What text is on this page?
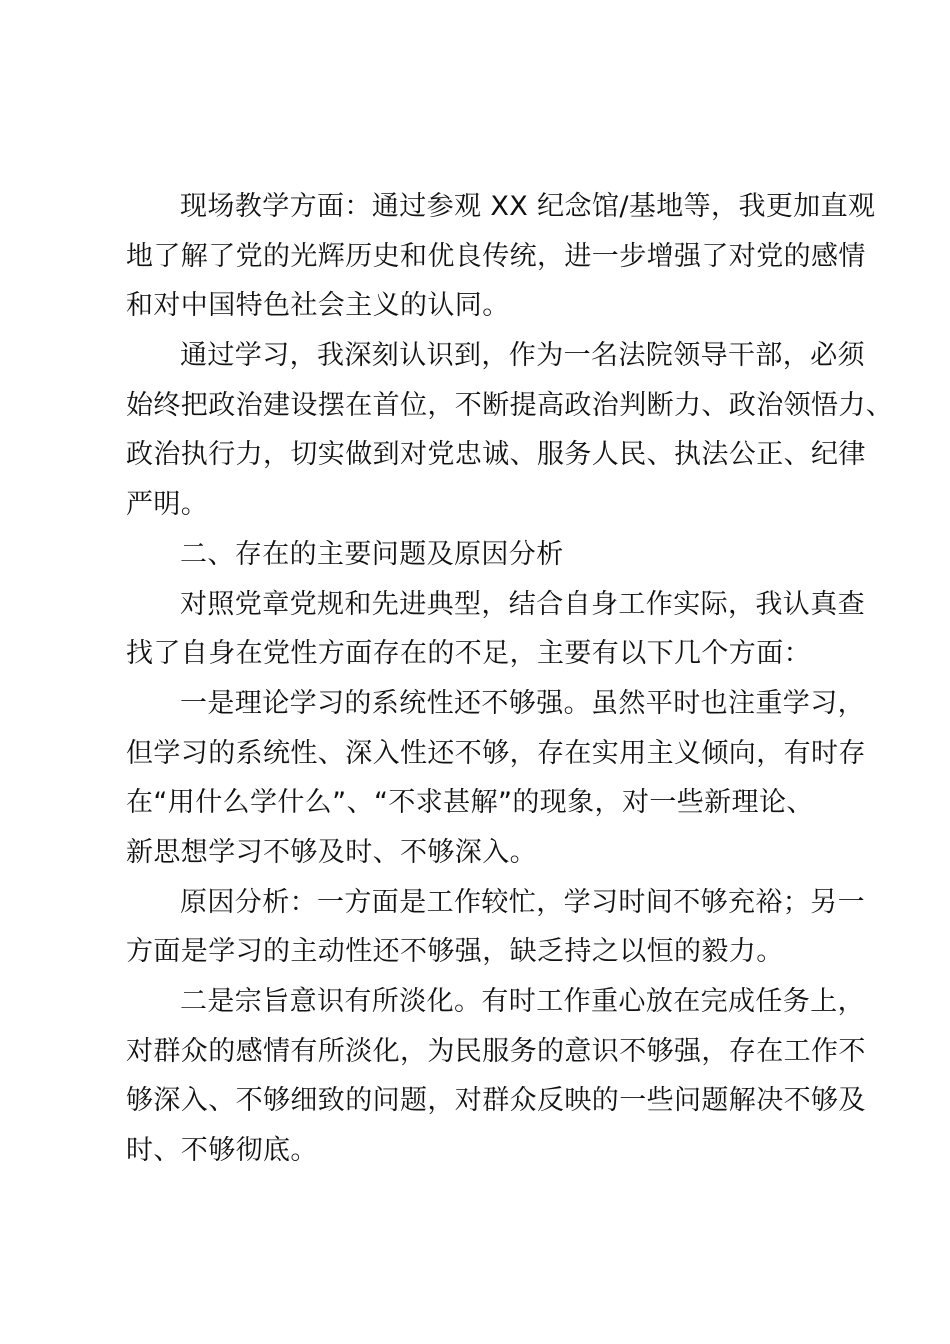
现场教学方面：通过参观 XX 纪念馆/基地等，我更加直观
地了解了党的光辉历史和优良传统，进一步增强了对党的感情
和对中国特色社会主义的认同。
通过学习，我深刻认识到，作为一名法院领导干部，必须
始终把政治建设摆在首位，不断提高政治判断力、政治领悟力、
政治执行力，切实做到对党忠诚、服务人民、执法公正、纪律
严明。
二、存在的主要问题及原因分析
对照党章党规和先进典型，结合自身工作实际，我认真查
找了自身在党性方面存在的不足，主要有以下几个方面：
一是理论学习的系统性还不够强。虽然平时也注重学习，
但学习的系统性、深入性还不够，存在实用主义倾向，有时存
在“用什么学什么”、“不求甚解”的现象，对一些新理论、
新思想学习不够及时、不够深入。
原因分析：一方面是工作较忙，学习时间不够充裕；另一
方面是学习的主动性还不够强，缺乏持之以恒的毅力。
二是宗旨意识有所淡化。有时工作重心放在完成任务上，
对群众的感情有所淡化，为民服务的意识不够强，存在工作不
够深入、不够细致的问题，对群众反映的一些问题解决不够及
时、不够彻底。
